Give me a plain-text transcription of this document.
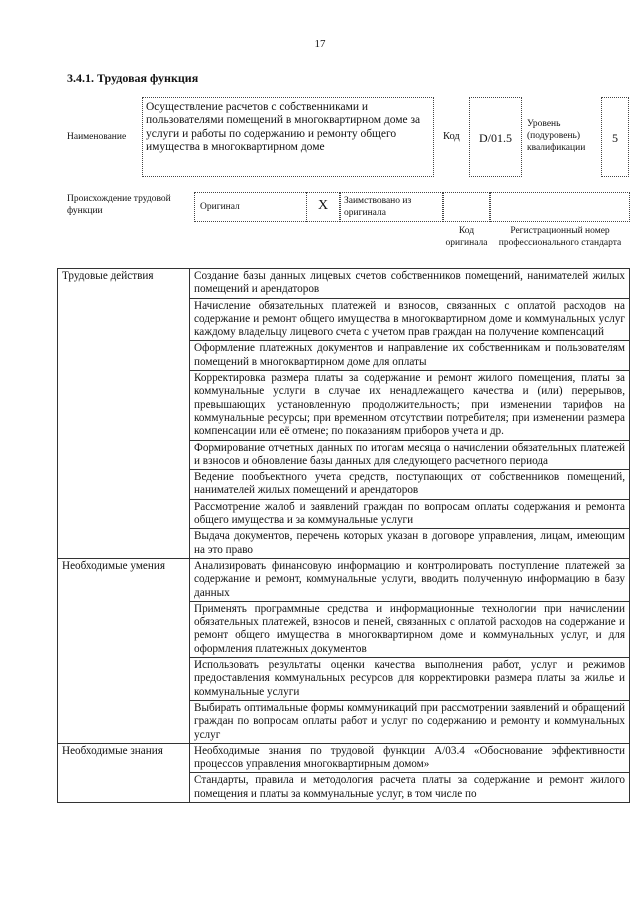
17
3.4.1. Трудовая функция
Наименование
Осуществление расчетов с собственниками и пользователями помещений в многоквартирном доме за услуги и работы по содержанию и ремонту общего имущества в многоквартирном доме
Код	D/01.5
Уровень (подуровень) квалификации
5
Происхождение трудовой функции	Оригинал	X	Заимствовано из оригинала
Код оригинала
Регистрационный номер профессионального стандарта
Трудовые действия	Создание базы данных лицевых счетов собственников помещений, нанимателей жилых помещений и арендаторов
	Начисление обязательных платежей и взносов, связанных с оплатой расходов на содержание и ремонт общего имущества в многоквартирном доме и коммунальных услуг каждому владельцу лицевого счета с учетом прав граждан на получение компенсаций
	Оформление платежных документов и направление их собственникам и пользователям помещений в многоквартирном доме для оплаты
	Корректировка размера платы за содержание и ремонт жилого помещения, платы за коммунальные услуги в случае их ненадлежащего качества и (или) перерывов, превышающих установленную продолжительность; при изменении тарифов на коммунальные ресурсы; при временном отсутствии потребителя; при изменении размера компенсации или её отмене; по показаниям приборов учета и др.
	Формирование отчетных данных по итогам месяца о начислении обязательных платежей и взносов и обновление базы данных для следующего расчетного периода
	Ведение пообъектного учета средств, поступающих от собственников помещений, нанимателей жилых помещений и арендаторов
	Рассмотрение жалоб и заявлений граждан по вопросам оплаты содержания и ремонта общего имущества и за коммунальные услуги
	Выдача документов, перечень которых указан в договоре управления, лицам, имеющим на это право
Необходимые умения	Анализировать финансовую информацию и контролировать поступление платежей за содержание и ремонт, коммунальные услуги, вводить полученную информацию в базу данных
	Применять программные средства и информационные технологии при начислении обязательных платежей, взносов и пеней, связанных с оплатой расходов на содержание и ремонт общего имущества в многоквартирном доме и коммунальных услуг, и для оформления платежных документов
	Использовать результаты оценки качества выполнения работ, услуг и режимов предоставления коммунальных ресурсов для корректировки размера платы за жилье и коммунальные услуги
	Выбирать оптимальные формы коммуникаций при рассмотрении заявлений и обращений граждан по вопросам оплаты работ и услуг по содержанию и ремонту и коммунальных услуг
Необходимые знания	Необходимые знания по трудовой функции А/03.4 «Обоснование эффективности процессов управления многоквартирным домом»
	Стандарты, правила и методология расчета платы за содержание и ремонт жилого помещения и платы за коммунальные услуг, в том числе по
